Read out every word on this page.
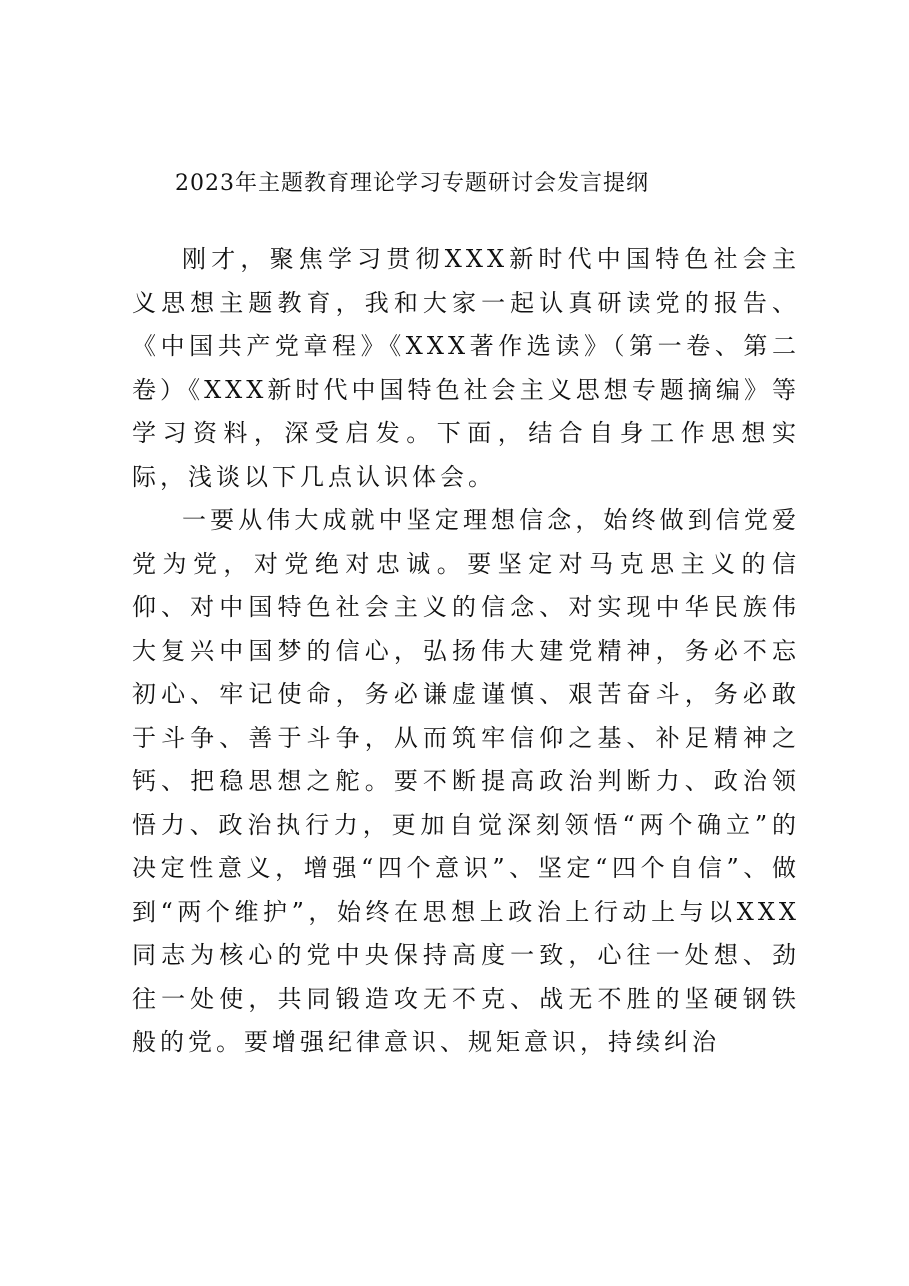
2023年主题教育理论学习专题研讨会发言提纲

刚才，聚焦学习贯彻XXX新时代中国特色社会主义思想主题教育，我和大家一起认真研读党的报告、《中国共产党章程》《XXX著作选读》（第一卷、第二卷）《XXX新时代中国特色社会主义思想专题摘编》等学习资料，深受启发。下面，结合自身工作思想实际，浅谈以下几点认识体会。

一要从伟大成就中坚定理想信念，始终做到信党爱党为党，对党绝对忠诚。要坚定对马克思主义的信仰、对中国特色社会主义的信念、对实现中华民族伟大复兴中国梦的信心，弘扬伟大建党精神，务必不忘初心、牢记使命，务必谦虚谨慎、艰苦奋斗，务必敢于斗争、善于斗争，从而筑牢信仰之基、补足精神之钙、把稳思想之舵。要不断提高政治判断力、政治领悟力、政治执行力，更加自觉深刻领悟“两个确立”的决定性意义，增强“四个意识”、坚定“四个自信”、做到“两个维护”，始终在思想上政治上行动上与以XXX同志为核心的党中央保持高度一致，心往一处想、劲往一处使，共同锻造攻无不克、战无不胜的坚硬钢铁般的党。要增强纪律意识、规矩意识，持续纠治
